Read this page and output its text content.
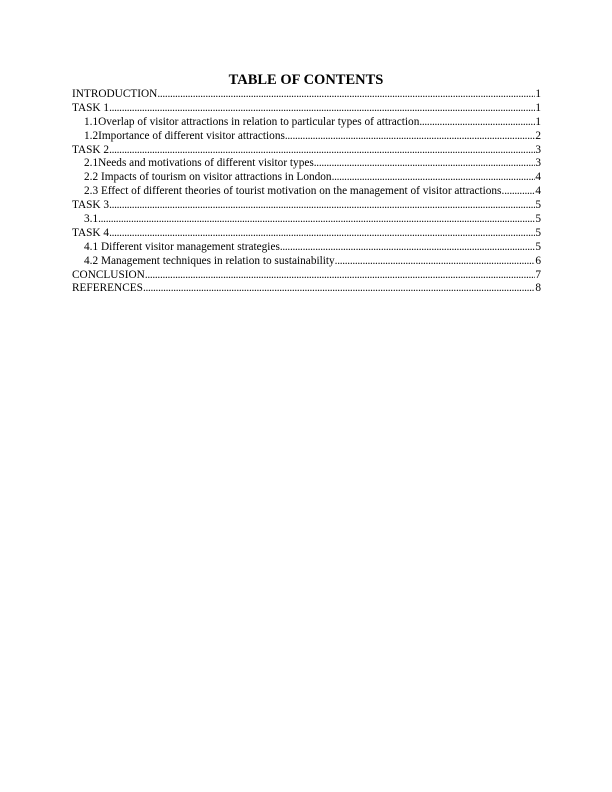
TABLE OF CONTENTS
INTRODUCTION .....	1
TASK 1 .....	1
1.1Overlap of visitor attractions in relation to particular types of attraction .....	1
1.2Importance of different visitor attractions .....	2
TASK 2 .....	3
2.1Needs and motivations of different visitor types .....	3
2.2 Impacts of tourism on visitor attractions in London .....	4
2.3 Effect of different theories of tourist motivation on the management of visitor attractions. .....	4
TASK 3 .....	5
3.1 .....	5
TASK 4 .....	5
4.1 Different visitor management strategies .....	5
4.2 Management techniques in relation to sustainability .....	6
CONCLUSION .....	7
REFERENCES .....	8
